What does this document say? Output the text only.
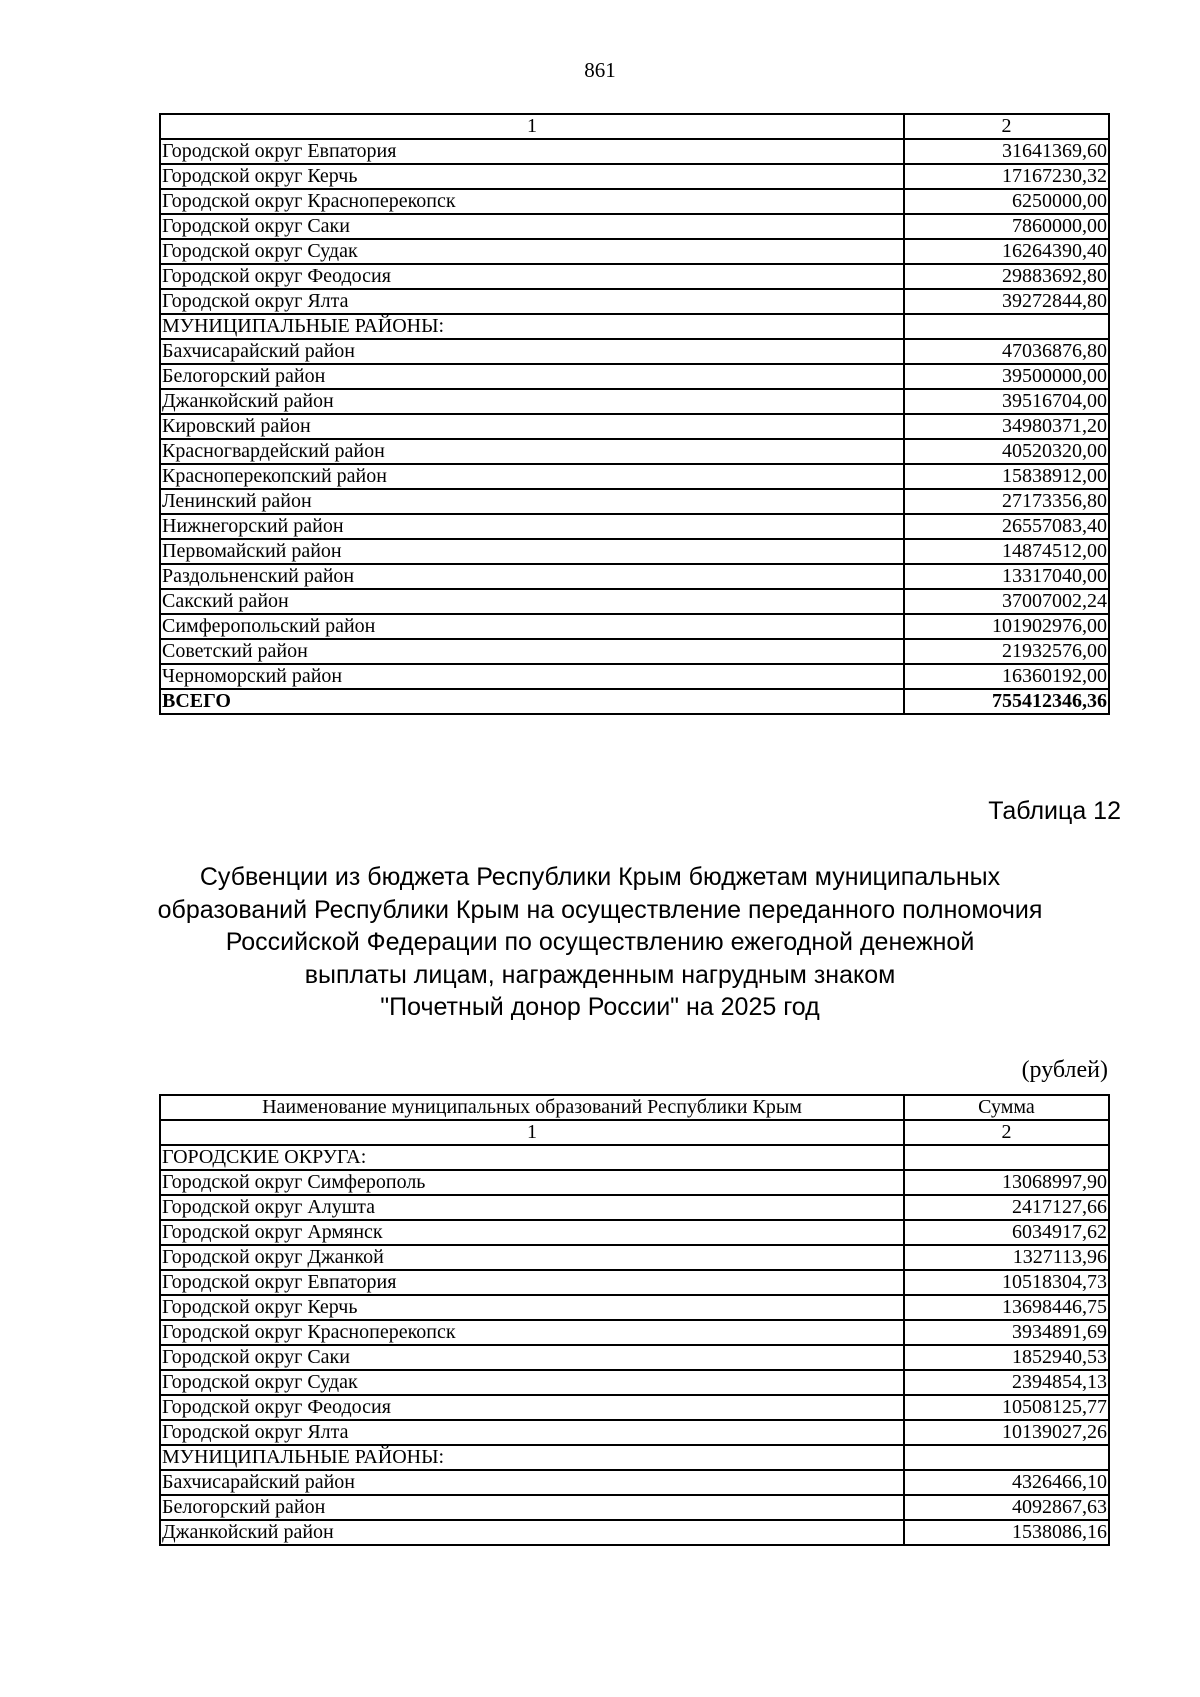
861
1	2
Городской округ Евпатория	31641369,60
Городской округ Керчь	17167230,32
Городской округ Красноперекопск	6250000,00
Городской округ Саки	7860000,00
Городской округ Судак	16264390,40
Городской округ Феодосия	29883692,80
Городской округ Ялта	39272844,80
МУНИЦИПАЛЬНЫЕ РАЙОНЫ:	
Бахчисарайский район	47036876,80
Белогорский район	39500000,00
Джанкойский район	39516704,00
Кировский район	34980371,20
Красногвардейский район	40520320,00
Красноперекопский район	15838912,00
Ленинский район	27173356,80
Нижнегорский район	26557083,40
Первомайский район	14874512,00
Раздольненский район	13317040,00
Сакский район	37007002,24
Симферопольский район	101902976,00
Советский район	21932576,00
Черноморский район	16360192,00
ВСЕГО	755412346,36
Таблица 12
Субвенции из бюджета Республики Крым бюджетам муниципальных
образований Республики Крым на осуществление переданного полномочия
Российской Федерации по осуществлению ежегодной денежной
выплаты лицам, награжденным нагрудным знаком
"Почетный донор России" на 2025 год
(рублей)
Наименование муниципальных образований Республики Крым	Сумма
1	2
ГОРОДСКИЕ ОКРУГА:	
Городской округ Симферополь	13068997,90
Городской округ Алушта	2417127,66
Городской округ Армянск	6034917,62
Городской округ Джанкой	1327113,96
Городской округ Евпатория	10518304,73
Городской округ Керчь	13698446,75
Городской округ Красноперекопск	3934891,69
Городской округ Саки	1852940,53
Городской округ Судак	2394854,13
Городской округ Феодосия	10508125,77
Городской округ Ялта	10139027,26
МУНИЦИПАЛЬНЫЕ РАЙОНЫ:	
Бахчисарайский район	4326466,10
Белогорский район	4092867,63
Джанкойский район	1538086,16
